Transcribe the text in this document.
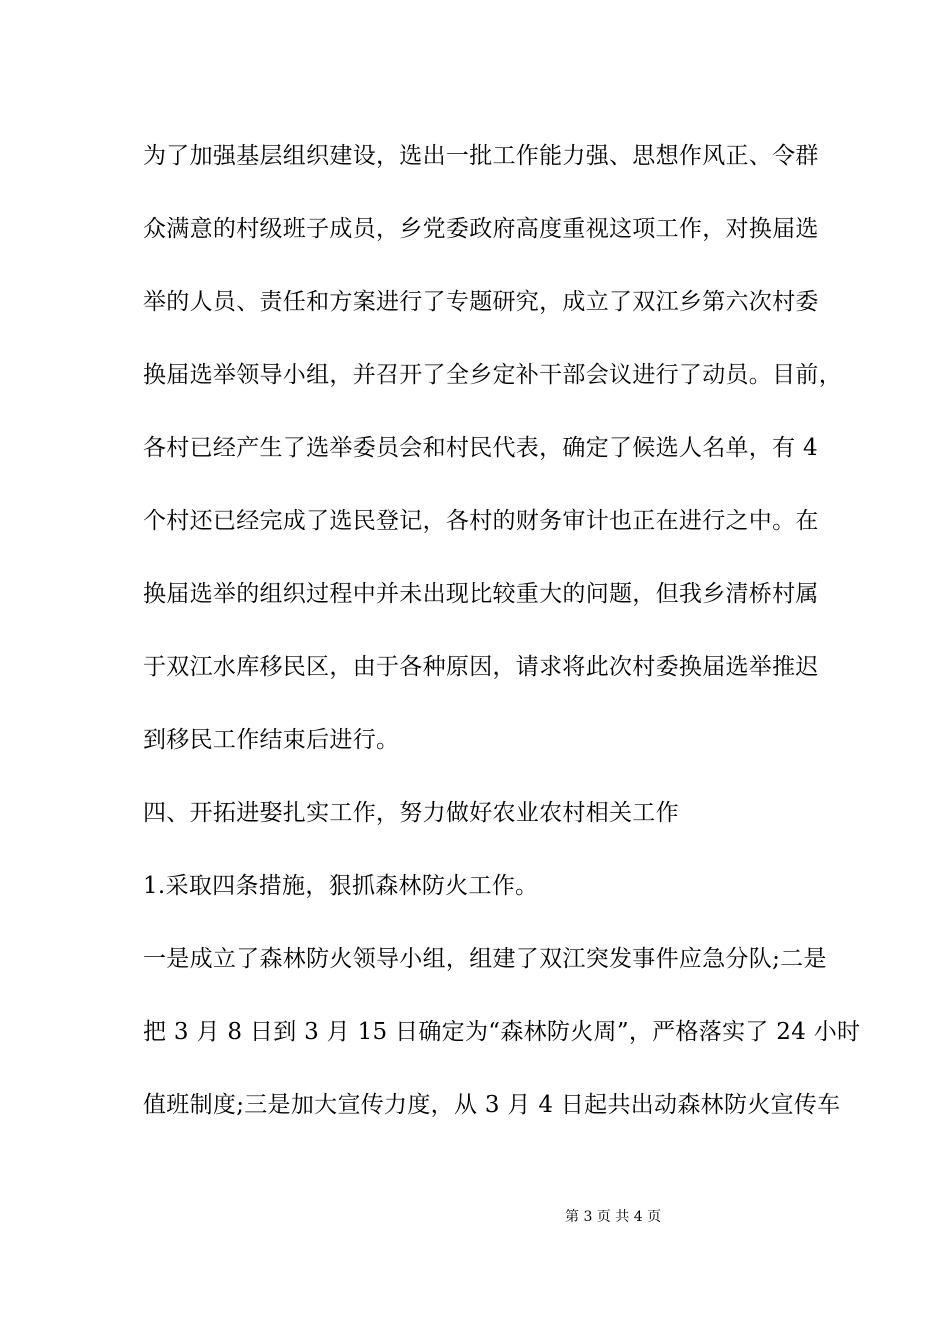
为了加强基层组织建设，选出一批工作能力强、思想作风正、令群
众满意的村级班子成员，乡党委政府高度重视这项工作，对换届选
举的人员、责任和方案进行了专题研究，成立了双江乡第六次村委
换届选举领导小组，并召开了全乡定补干部会议进行了动员。目前，
各村已经产生了选举委员会和村民代表，确定了候选人名单，有 4
个村还已经完成了选民登记，各村的财务审计也正在进行之中。在
换届选举的组织过程中并未出现比较重大的问题，但我乡清桥村属
于双江水库移民区，由于各种原因，请求将此次村委换届选举推迟
到移民工作结束后进行。
四、开拓进娶扎实工作，努力做好农业农村相关工作
1.采取四条措施，狠抓森林防火工作。
一是成立了森林防火领导小组，组建了双江突发事件应急分队;二是
把 3 月 8 日到 3 月 15 日确定为“森林防火周”，严格落实了 24 小时
值班制度;三是加大宣传力度，从 3 月 4 日起共出动森林防火宣传车
第 3 页 共 4 页
